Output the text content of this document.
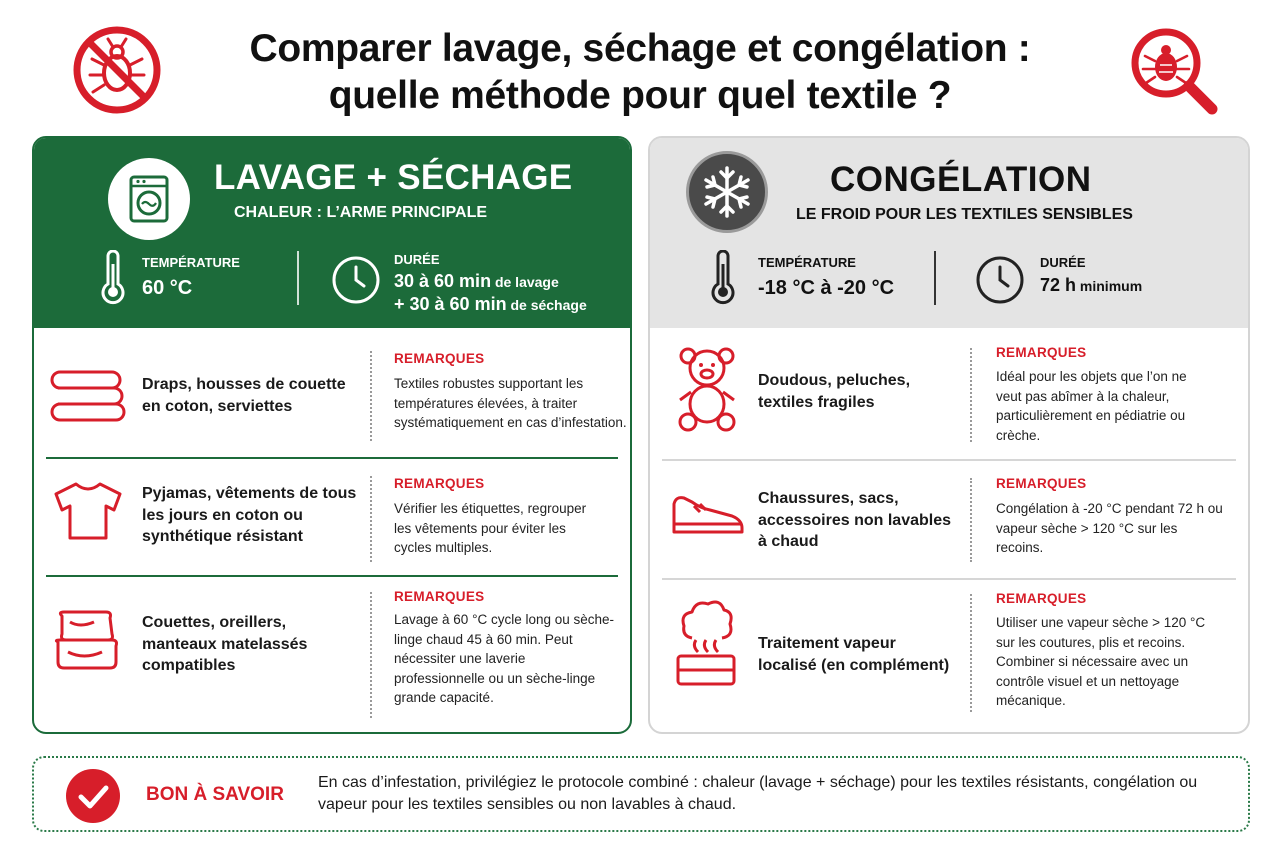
Comparer lavage, séchage et congélation :
quelle méthode pour quel textile ?
LAVAGE + SÉCHAGE
CHALEUR : L’ARME PRINCIPALE
TEMPÉRATURE
60 °C
DURÉE
30 à 60 min de lavage
+ 30 à 60 min de séchage
Draps, housses de couette en coton, serviettes
REMARQUES
Textiles robustes supportant les températures élevées, à traiter systématiquement en cas d’infestation.
Pyjamas, vêtements de tous les jours en coton ou synthétique résistant
REMARQUES
Vérifier les étiquettes, regrouper les vêtements pour éviter les cycles multiples.
Couettes, oreillers, manteaux matelassés compatibles
REMARQUES
Lavage à 60 °C cycle long ou sèche-linge chaud 45 à 60 min. Peut nécessiter une laverie professionnelle ou un sèche-linge grande capacité.
CONGÉLATION
LE FROID POUR LES TEXTILES SENSIBLES
TEMPÉRATURE
-18 °C à -20 °C
DURÉE
72 h minimum
Doudous, peluches, textiles fragiles
REMARQUES
Idéal pour les objets que l’on ne veut pas abîmer à la chaleur, particulièrement en pédiatrie ou crèche.
Chaussures, sacs, accessoires non lavables à chaud
REMARQUES
Congélation à -20 °C pendant 72 h ou vapeur sèche > 120 °C sur les recoins.
Traitement vapeur localisé (en complément)
REMARQUES
Utiliser une vapeur sèche > 120 °C sur les coutures, plis et recoins. Combiner si nécessaire avec un contrôle visuel et un nettoyage mécanique.
BON À SAVOIR
En cas d’infestation, privilégiez le protocole combiné : chaleur (lavage + séchage) pour les textiles résistants, congélation ou vapeur pour les textiles sensibles ou non lavables à chaud.
